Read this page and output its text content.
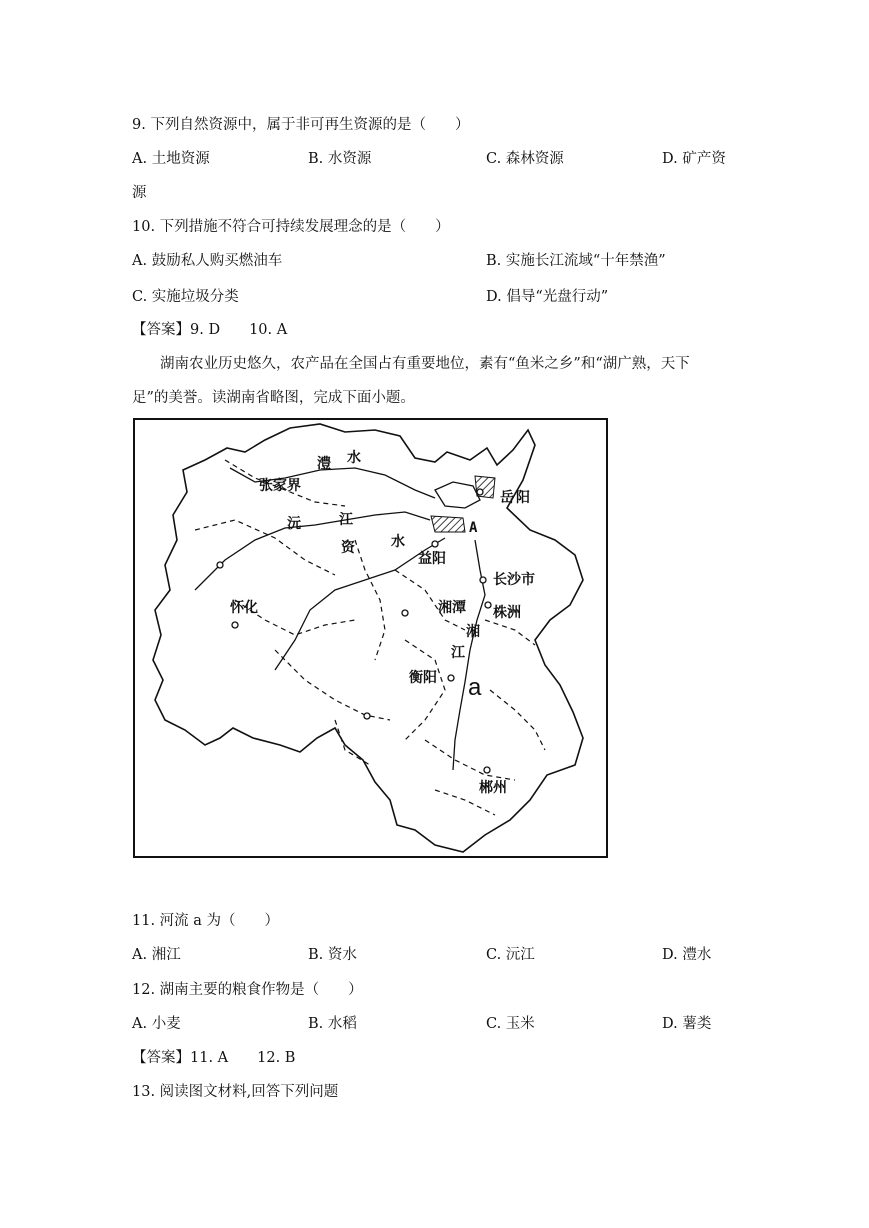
9. 下列自然资源中，属于非可再生资源的是（　　）
A. 土地资源	B. 水资源	C. 森林资源	D. 矿产资
源
10. 下列措施不符合可持续发展理念的是（　　）
A. 鼓励私人购买燃油车	B. 实施长江流域“十年禁渔”
C. 实施垃圾分类	D. 倡导“光盘行动”
【答案】9. D　　10. A
湖南农业历史悠久，农产品在全国占有重要地位，素有“鱼米之乡”和“湖广熟，天下
足”的美誉。读湖南省略图，完成下面小题。
张家界
澧 水
岳 阳
A
沅	江
资	水
益阳
长沙市
怀化	湘潭 株洲
湘
江
衡阳 a
郴州
11. 河流 a 为（　　）
A. 湘江	B. 资水	C. 沅江	D. 澧水
12. 湖南主要的粮食作物是（　　）
A. 小麦	B. 水稻	C. 玉米	D. 薯类
【答案】11. A　　12. B
13. 阅读图文材料,回答下列问题
